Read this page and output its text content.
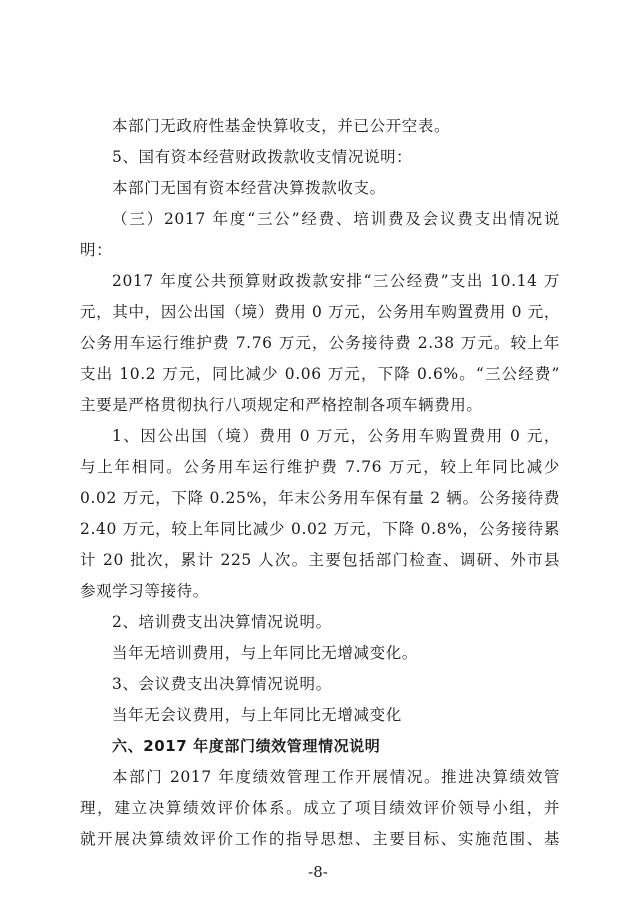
本部门无政府性基金快算收支，并已公开空表。
5、国有资本经营财政拨款收支情况说明：
本部门无国有资本经营决算拨款收支。
（三）2017 年度“三公”经费、培训费及会议费支出情况说
明：
2017 年度公共预算财政拨款安排“三公经费”支出 10.14 万
元，其中，因公出国（境）费用 0 万元，公务用车购置费用 0 元，
公务用车运行维护费 7.76 万元，公务接待费 2.38 万元。较上年
支出 10.2 万元，同比减少 0.06 万元，下降 0.6%。“三公经费”
主要是严格贯彻执行八项规定和严格控制各项车辆费用。
1、因公出国（境）费用 0 万元，公务用车购置费用 0 元，
与上年相同。公务用车运行维护费 7.76 万元，较上年同比减少
0.02 万元，下降 0.25%，年末公务用车保有量 2 辆。公务接待费
2.40 万元，较上年同比减少 0.02 万元，下降 0.8%，公务接待累
计 20 批次，累计 225 人次。主要包括部门检查、调研、外市县
参观学习等接待。
2、培训费支出决算情况说明。
当年无培训费用，与上年同比无增减变化。
3、会议费支出决算情况说明。
当年无会议费用，与上年同比无增减变化
六、2017 年度部门绩效管理情况说明
本部门 2017 年度绩效管理工作开展情况。推进决算绩效管
理，建立决算绩效评价体系。成立了项目绩效评价领导小组，并
就开展决算绩效评价工作的指导思想、主要目标、实施范围、基
-8-
